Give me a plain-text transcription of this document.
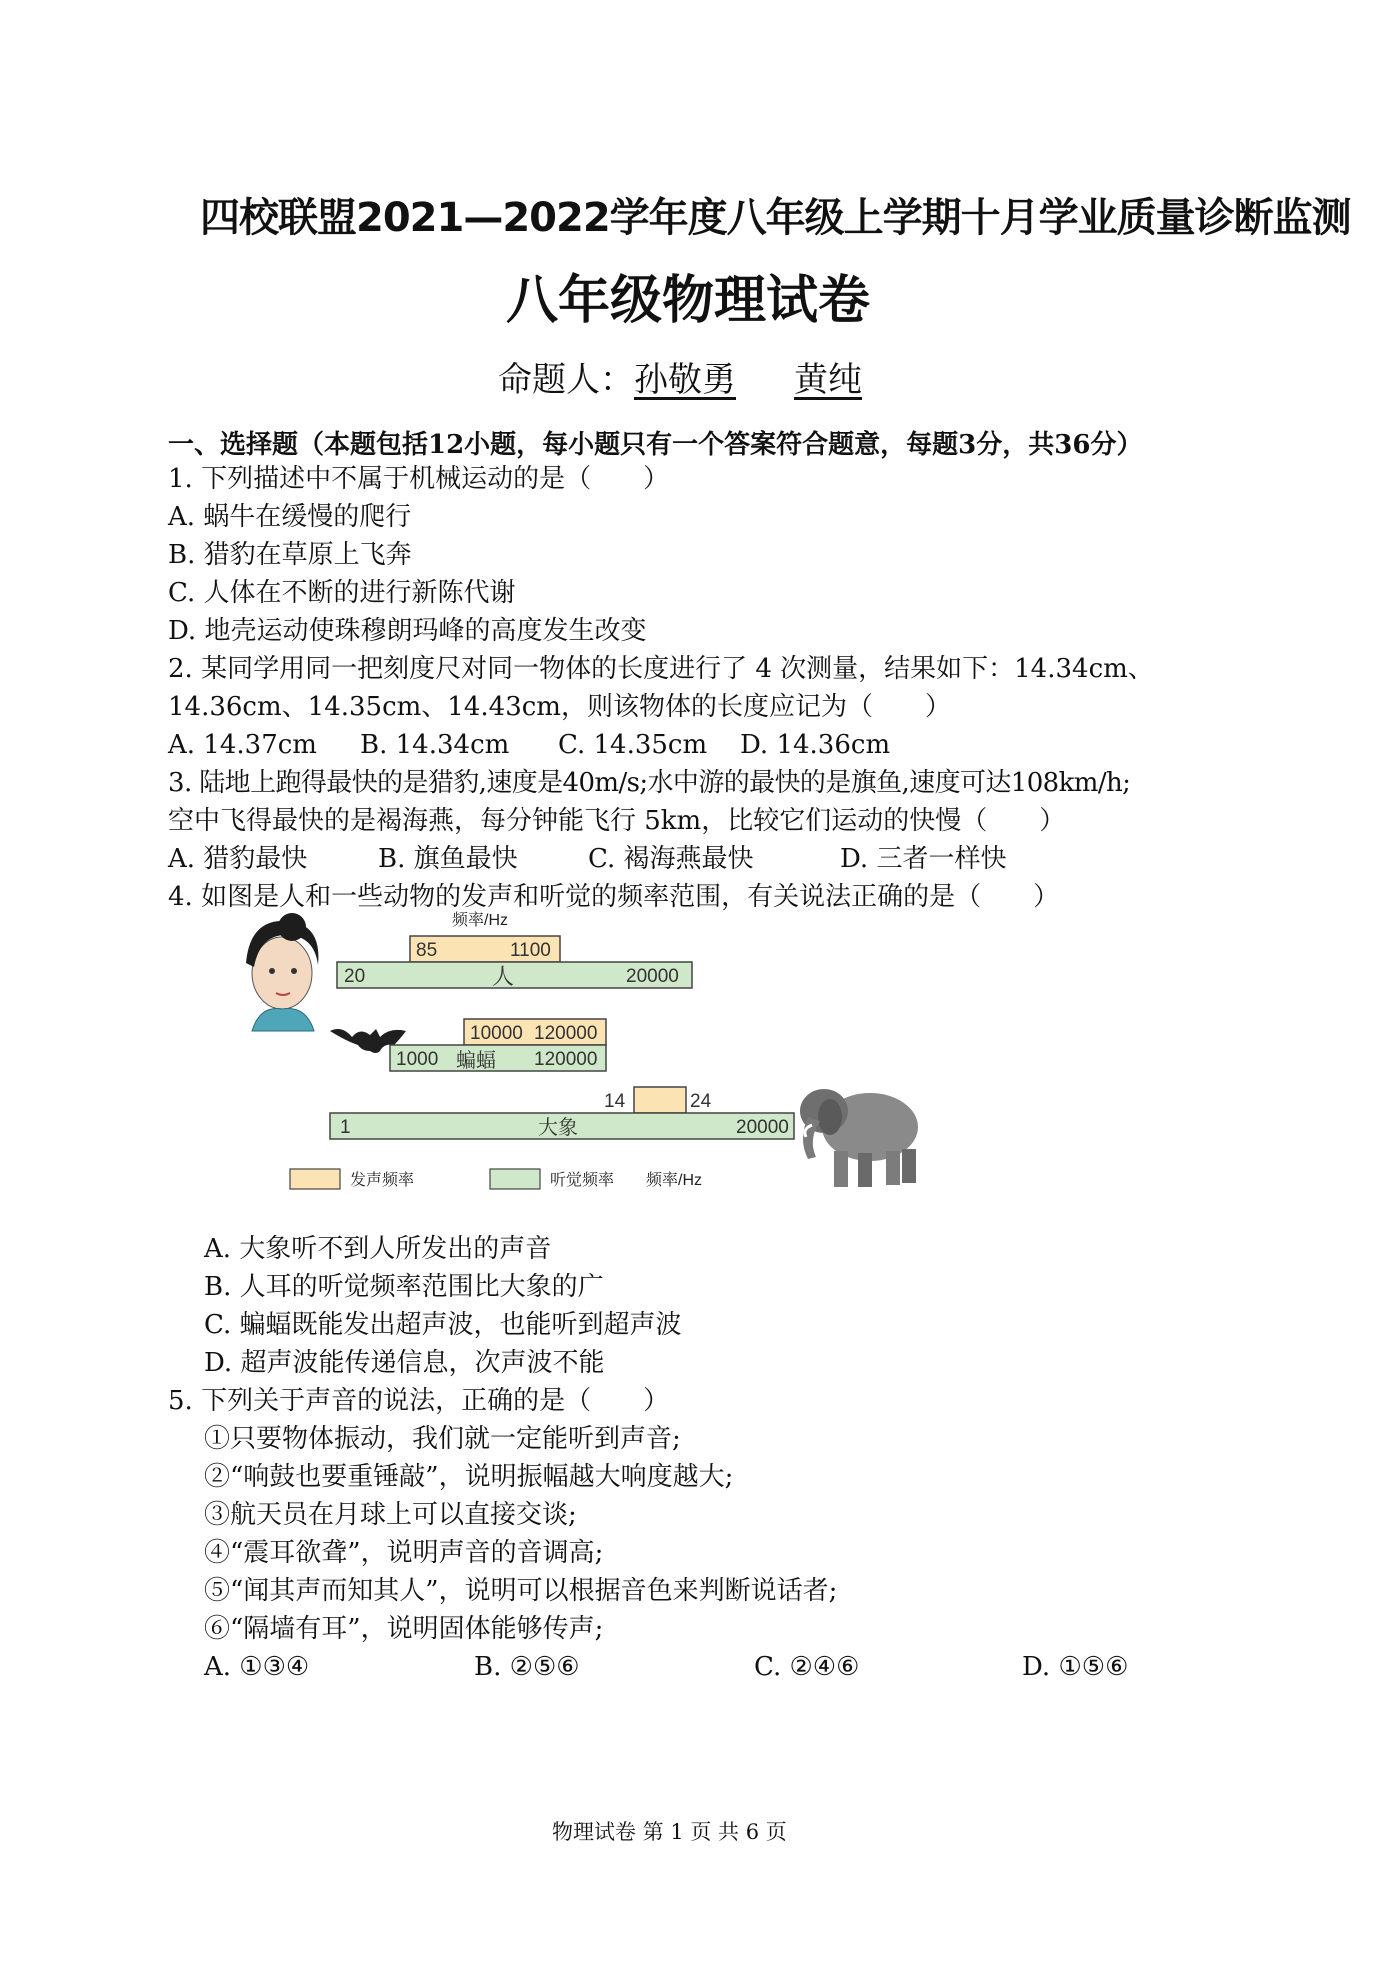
四校联盟2021—2022学年度八年级上学期十月学业质量诊断监测
八年级物理试卷
命题人：孙敬勇 黄纯
一、选择题（本题包括12小题，每小题只有一个答案符合题意，每题3分，共36分）
1. 下列描述中不属于机械运动的是（　　）
A. 蜗牛在缓慢的爬行
B. 猎豹在草原上飞奔
C. 人体在不断的进行新陈代谢
D. 地壳运动使珠穆朗玛峰的高度发生改变
2. 某同学用同一把刻度尺对同一物体的长度进行了 4 次测量，结果如下：14.34cm、
14.36cm、14.35cm、14.43cm，则该物体的长度应记为（　　）
A. 14.37cm B. 14.34cm C. 14.35cm D. 14.36cm
3. 陆地上跑得最快的是猎豹,速度是40m/s;水中游的最快的是旗鱼,速度可达108km/h;
空中飞得最快的是褐海燕，每分钟能飞行 5km，比较它们运动的快慢（　　）
A. 猎豹最快	B. 旗鱼最快	C. 褐海燕最快	D. 三者一样快
4. 如图是人和一些动物的发声和听觉的频率范围，有关说法正确的是（　　）
频率/Hz
85	1100
20	人	20000
10000 120000
1000 蝙蝠 120000
14	24
1	大象	20000
发声频率	听觉频率 频率/Hz
A. 大象听不到人所发出的声音
B. 人耳的听觉频率范围比大象的广
C. 蝙蝠既能发出超声波，也能听到超声波
D. 超声波能传递信息，次声波不能
5. 下列关于声音的说法，正确的是（　　）
①只要物体振动，我们就一定能听到声音;
②“响鼓也要重锤敲”，说明振幅越大响度越大;
③航天员在月球上可以直接交谈;
④“震耳欲聋”，说明声音的音调高;
⑤“闻其声而知其人”，说明可以根据音色来判断说话者;
⑥“隔墙有耳”，说明固体能够传声;
A. ①③④	B. ②⑤⑥	C. ②④⑥	D. ①⑤⑥
物理试卷 第 1 页 共 6 页
